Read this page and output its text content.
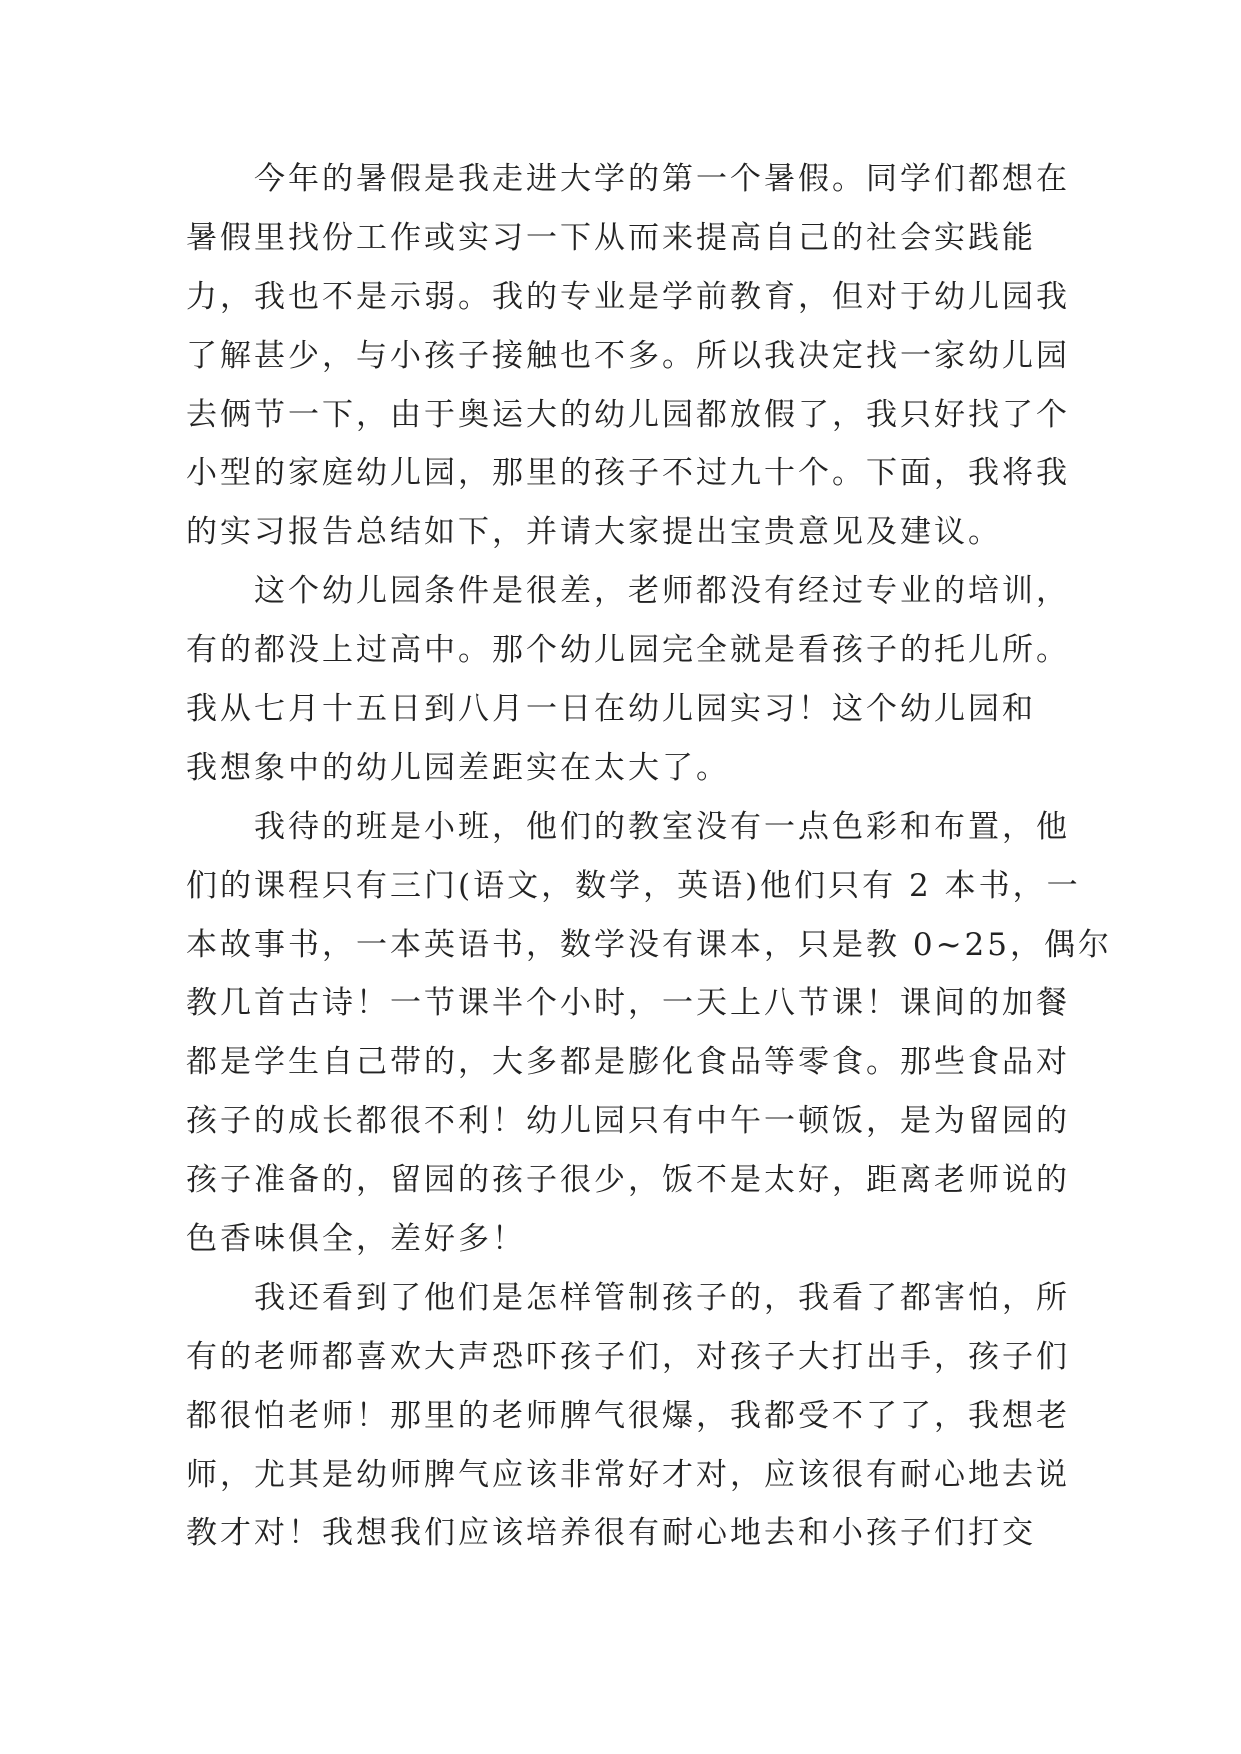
　　今年的暑假是我走进大学的第一个暑假。同学们都想在
暑假里找份工作或实习一下从而来提高自己的社会实践能
力，我也不是示弱。我的专业是学前教育，但对于幼儿园我
了解甚少，与小孩子接触也不多。所以我决定找一家幼儿园
去俩节一下，由于奥运大的幼儿园都放假了，我只好找了个
小型的家庭幼儿园，那里的孩子不过九十个。下面，我将我
的实习报告总结如下，并请大家提出宝贵意见及建议。
　　这个幼儿园条件是很差，老师都没有经过专业的培训，
有的都没上过高中。那个幼儿园完全就是看孩子的托儿所。
我从七月十五日到八月一日在幼儿园实习！这个幼儿园和
我想象中的幼儿园差距实在太大了。
　　我待的班是小班，他们的教室没有一点色彩和布置，他
们的课程只有三门(语文，数学，英语)他们只有 2 本书，一
本故事书，一本英语书，数学没有课本，只是教 0~25，偶尔
教几首古诗！一节课半个小时，一天上八节课！课间的加餐
都是学生自己带的，大多都是膨化食品等零食。那些食品对
孩子的成长都很不利！幼儿园只有中午一顿饭，是为留园的
孩子准备的，留园的孩子很少，饭不是太好，距离老师说的
色香味俱全，差好多！
　　我还看到了他们是怎样管制孩子的，我看了都害怕，所
有的老师都喜欢大声恐吓孩子们，对孩子大打出手，孩子们
都很怕老师！那里的老师脾气很爆，我都受不了了，我想老
师，尤其是幼师脾气应该非常好才对，应该很有耐心地去说
教才对！我想我们应该培养很有耐心地去和小孩子们打交
